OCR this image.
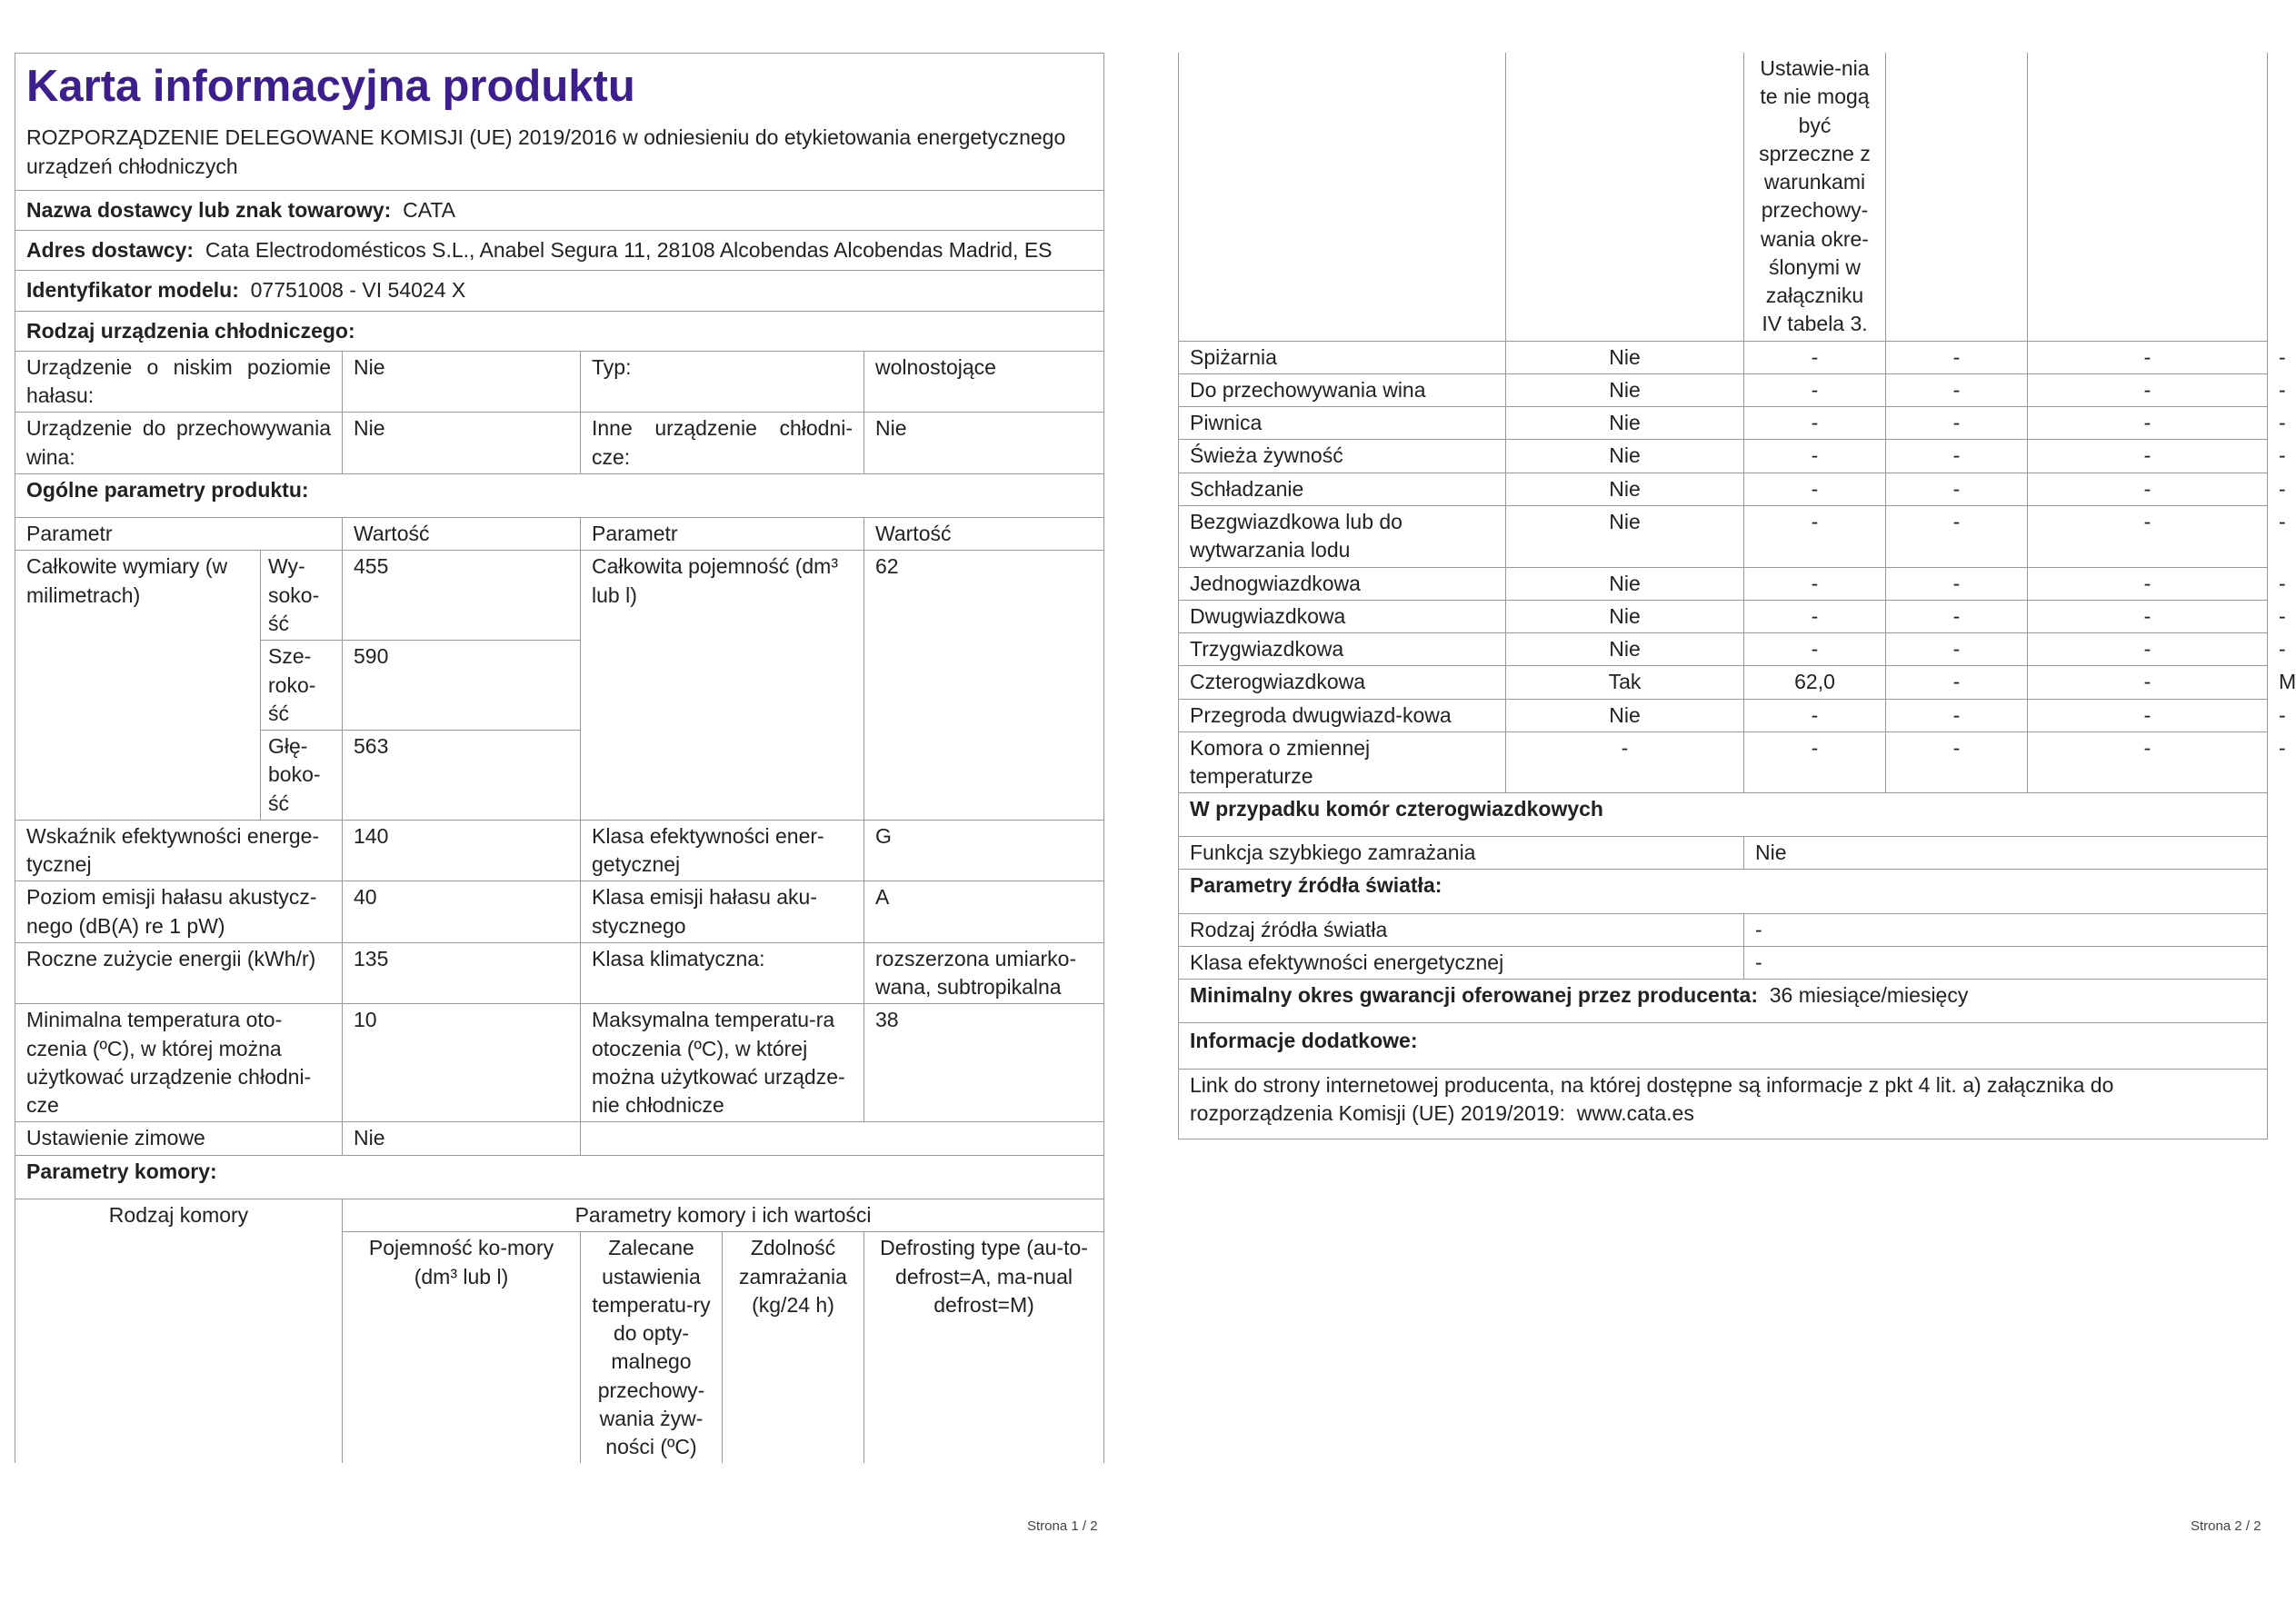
Karta informacyjna produktu
ROZPORZĄDZENIE DELEGOWANE KOMISJI (UE) 2019/2016 w odniesieniu do etykietowania energetycznego urządzeń chłodniczych					

Nazwa dostawcy lub znak towarowy: CATA					
Adres dostawcy: Cata Electrodomésticos S.L., Anabel Segura 11, 28108 Alcobendas Alcobendas Madrid, ES					
Identyfikator modelu: 07751008 - VI 54024 X					
Rodzaj urządzenia chłodniczego:					
Urządzenie o niskim poziomie hałasu:		Nie	Typ:		wolnostojące
Urządzenie do przechowywania wina:		Nie	Inne urządzenie chłodni-cze:		Nie
Ogólne parametry produktu:					
Parametr		Wartość	Parametr		Wartość
Całkowite wymiary (w milimetrach)	Wy-soko-ść	455	Całkowita pojemność (dm³ lub l)		62
	Sze-roko-ść	590			
	Głę-boko-ść	563			
Wskaźnik efektywności energe-tycznej		140	Klasa efektywności ener-getycznej		G
Poziom emisji hałasu akustycz-nego (dB(A) re 1 pW)		40	Klasa emisji hałasu aku-stycznego		A
Roczne zużycie energii (kWh/r)		135	Klasa klimatyczna:		rozszerzona umiarko-wana, subtropikalna
Minimalna temperatura oto-czenia (ºC), w której można użytkować urządzenie chłodni-cze		10	Maksymalna temperatu-ra otoczenia (ºC), w której można użytkować urządze-nie chłodnicze		38
Ustawienie zimowe		Nie			
Parametry komory:					
Rodzaj komory		Parametry komory i ich wartości			
		Pojemność ko-mory (dm³ lub l)	Zalecane ustawienia temperatu-ry do opty-malnego przechowy-wania żyw-ności (ºC)	Zdolność zamrażania (kg/24 h)	Defrosting type (au-to-defrost=A, ma-nual defrost=M)
		Ustawie-nia te nie mogą być sprzeczne z warunkami przechowy-wania okre-ślonymi w załączniku IV tabela 3.			
Spiżarnia	Nie	-	-	-	-
Do przechowywania wina	Nie	-	-	-	-
Piwnica	Nie	-	-	-	-
Świeża żywność	Nie	-	-	-	-
Schładzanie	Nie	-	-	-	-
Bezgwiazdkowa lub do wytwarzania lodu	Nie	-	-	-	-
Jednogwiazdkowa	Nie	-	-	-	-
Dwugwiazdkowa	Nie	-	-	-	-
Trzygwiazdkowa	Nie	-	-	-	-
Czterogwiazdkowa	Tak	62,0	-	-	M
Przegroda dwugwiazd-kowa	Nie	-	-	-	-
Komora o zmiennej temperaturze	-	-	-	-	-
W przypadku komór czterogwiazdkowych	
Funkcja szybkiego zamrażania	Nie
Parametry źródła światła:	
Rodzaj źródła światła	-
Klasa efektywności energetycznej	-
Minimalny okres gwarancji oferowanej przez producenta: 36 miesiące/miesięcy	
Informacje dodatkowe:	
Link do strony internetowej producenta, na której dostępne są informacje z pkt 4 lit. a) załącznika do rozporządzenia Komisji (UE) 2019/2019: www.cata.es	
Strona 1 / 2	Strona 2 / 2
